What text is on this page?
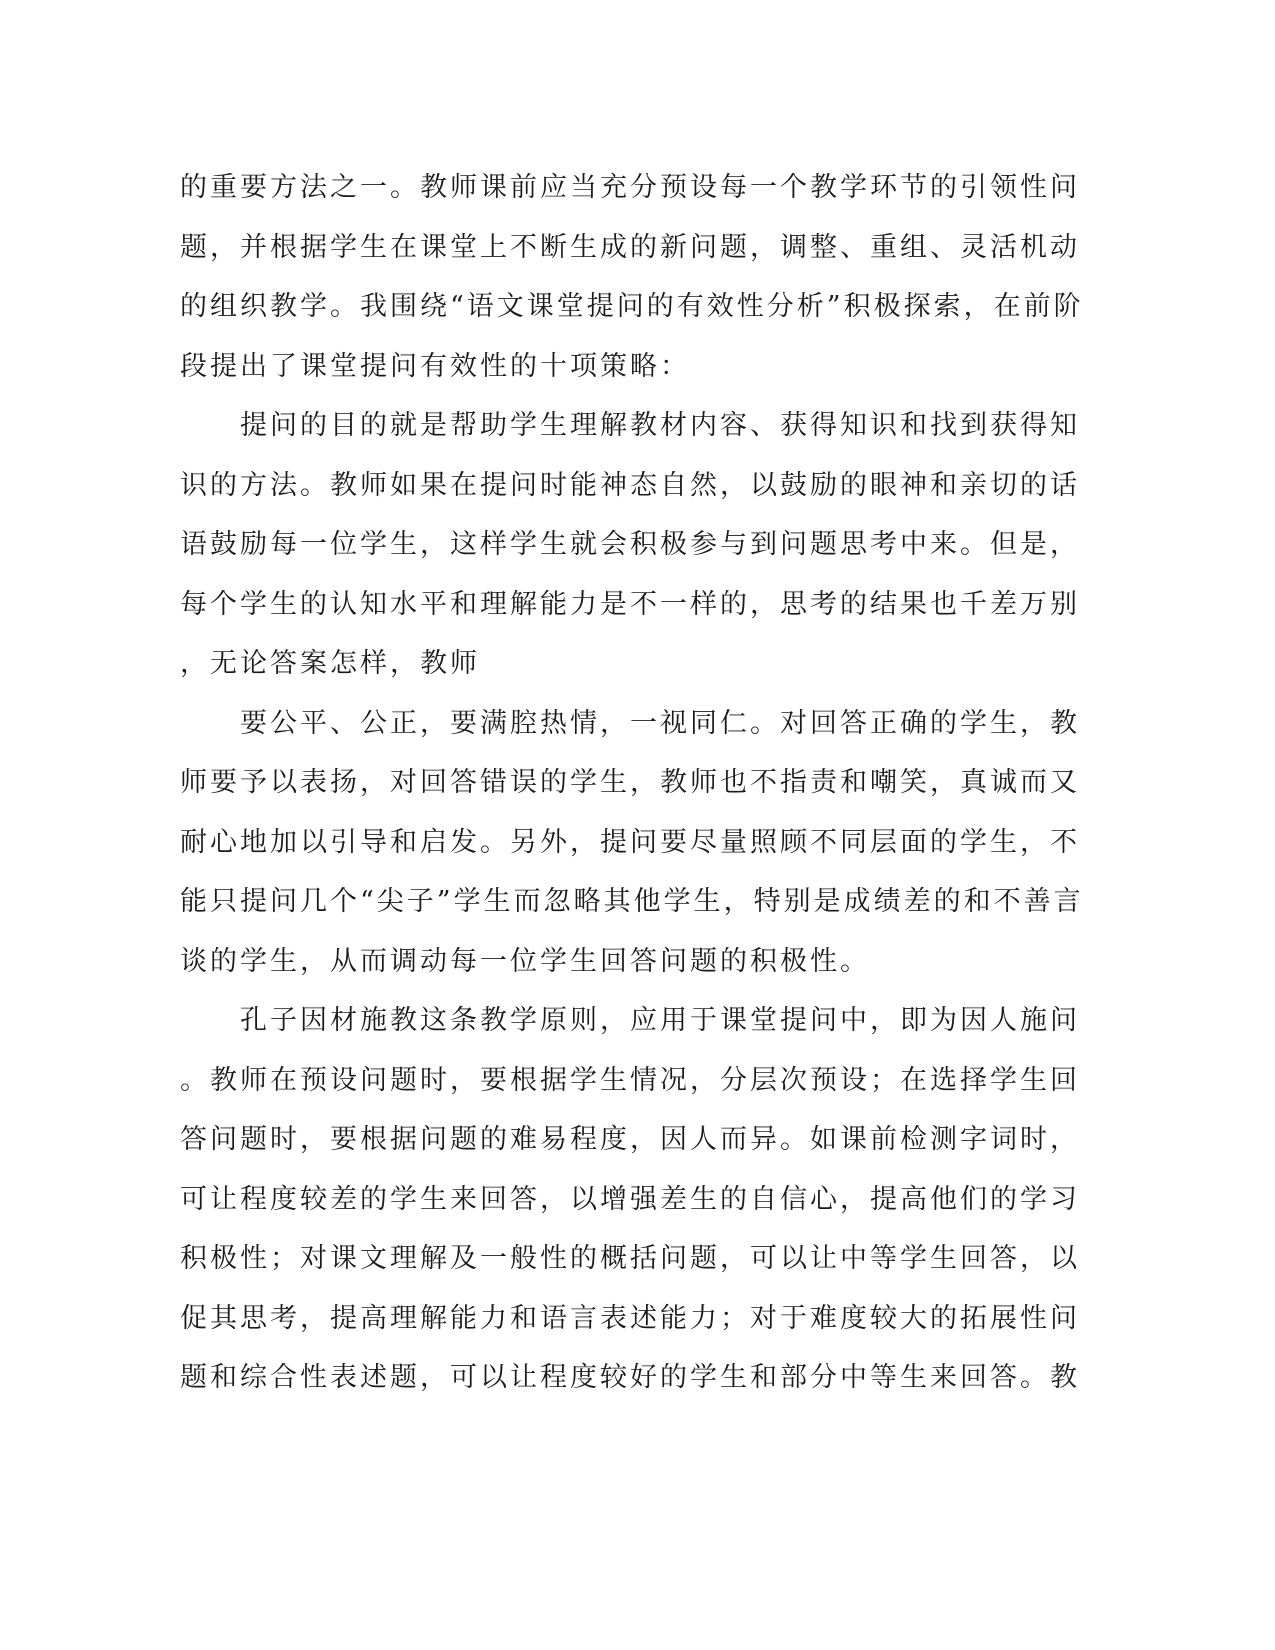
的重要方法之一。教师课前应当充分预设每一个教学环节的引领性问
题，并根据学生在课堂上不断生成的新问题，调整、重组、灵活机动
的组织教学。我围绕“语文课堂提问的有效性分析”积极探索，在前阶
段提出了课堂提问有效性的十项策略：
　　提问的目的就是帮助学生理解教材内容、获得知识和找到获得知
识的方法。教师如果在提问时能神态自然，以鼓励的眼神和亲切的话
语鼓励每一位学生，这样学生就会积极参与到问题思考中来。但是，
每个学生的认知水平和理解能力是不一样的，思考的结果也千差万别
，无论答案怎样，教师
　　要公平、公正，要满腔热情，一视同仁。对回答正确的学生，教
师要予以表扬，对回答错误的学生，教师也不指责和嘲笑，真诚而又
耐心地加以引导和启发。另外，提问要尽量照顾不同层面的学生，不
能只提问几个“尖子”学生而忽略其他学生，特别是成绩差的和不善言
谈的学生，从而调动每一位学生回答问题的积极性。
　　孔子因材施教这条教学原则，应用于课堂提问中，即为因人施问
。教师在预设问题时，要根据学生情况，分层次预设；在选择学生回
答问题时，要根据问题的难易程度，因人而异。如课前检测字词时，
可让程度较差的学生来回答，以增强差生的自信心，提高他们的学习
积极性；对课文理解及一般性的概括问题，可以让中等学生回答，以
促其思考，提高理解能力和语言表述能力；对于难度较大的拓展性问
题和综合性表述题，可以让程度较好的学生和部分中等生来回答。教
